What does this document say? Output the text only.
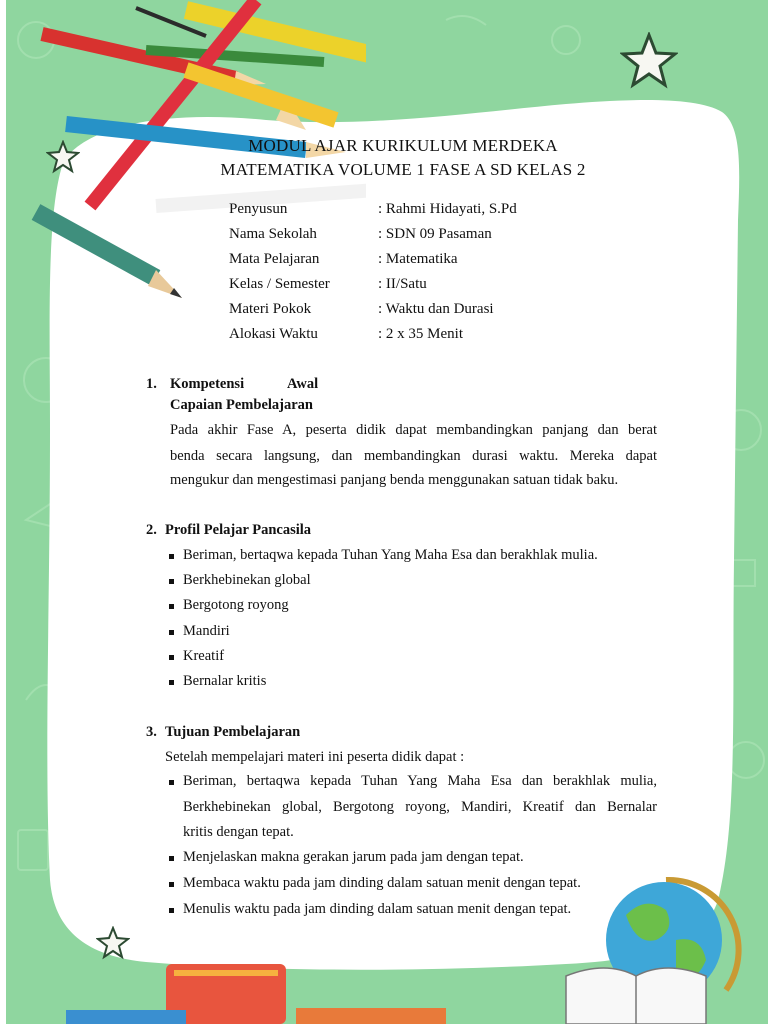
MODUL AJAR KURIKULUM MERDEKA
MATEMATIKA VOLUME 1 FASE A SD KELAS 2
Penyusun	: Rahmi Hidayati, S.Pd
Nama Sekolah	: SDN 09 Pasaman
Mata Pelajaran	: Matematika
Kelas / Semester	: II/Satu
Materi Pokok	: Waktu dan Durasi
Alokasi Waktu	: 2 x 35 Menit
1. Kompetensi	Awal
Capaian Pembelajaran
Pada akhir Fase A, peserta didik dapat membandingkan panjang dan berat
benda secara langsung, dan membandingkan durasi waktu. Mereka dapat
mengukur dan mengestimasi panjang benda menggunakan satuan tidak baku.
2. Profil Pelajar Pancasila
Beriman, bertaqwa kepada Tuhan Yang Maha Esa dan berakhlak mulia.
Berkhebinekan global
Bergotong royong
Mandiri
Kreatif
Bernalar kritis
3. Tujuan Pembelajaran
Setelah mempelajari materi ini peserta didik dapat :
Beriman, bertaqwa kepada Tuhan Yang Maha Esa dan berakhlak mulia,
Berkhebinekan global, Bergotong royong, Mandiri, Kreatif dan Bernalar
kritis dengan tepat.
Menjelaskan makna gerakan jarum pada jam dengan tepat.
Membaca waktu pada jam dinding dalam satuan menit dengan tepat.
Menulis waktu pada jam dinding dalam satuan menit dengan tepat.
